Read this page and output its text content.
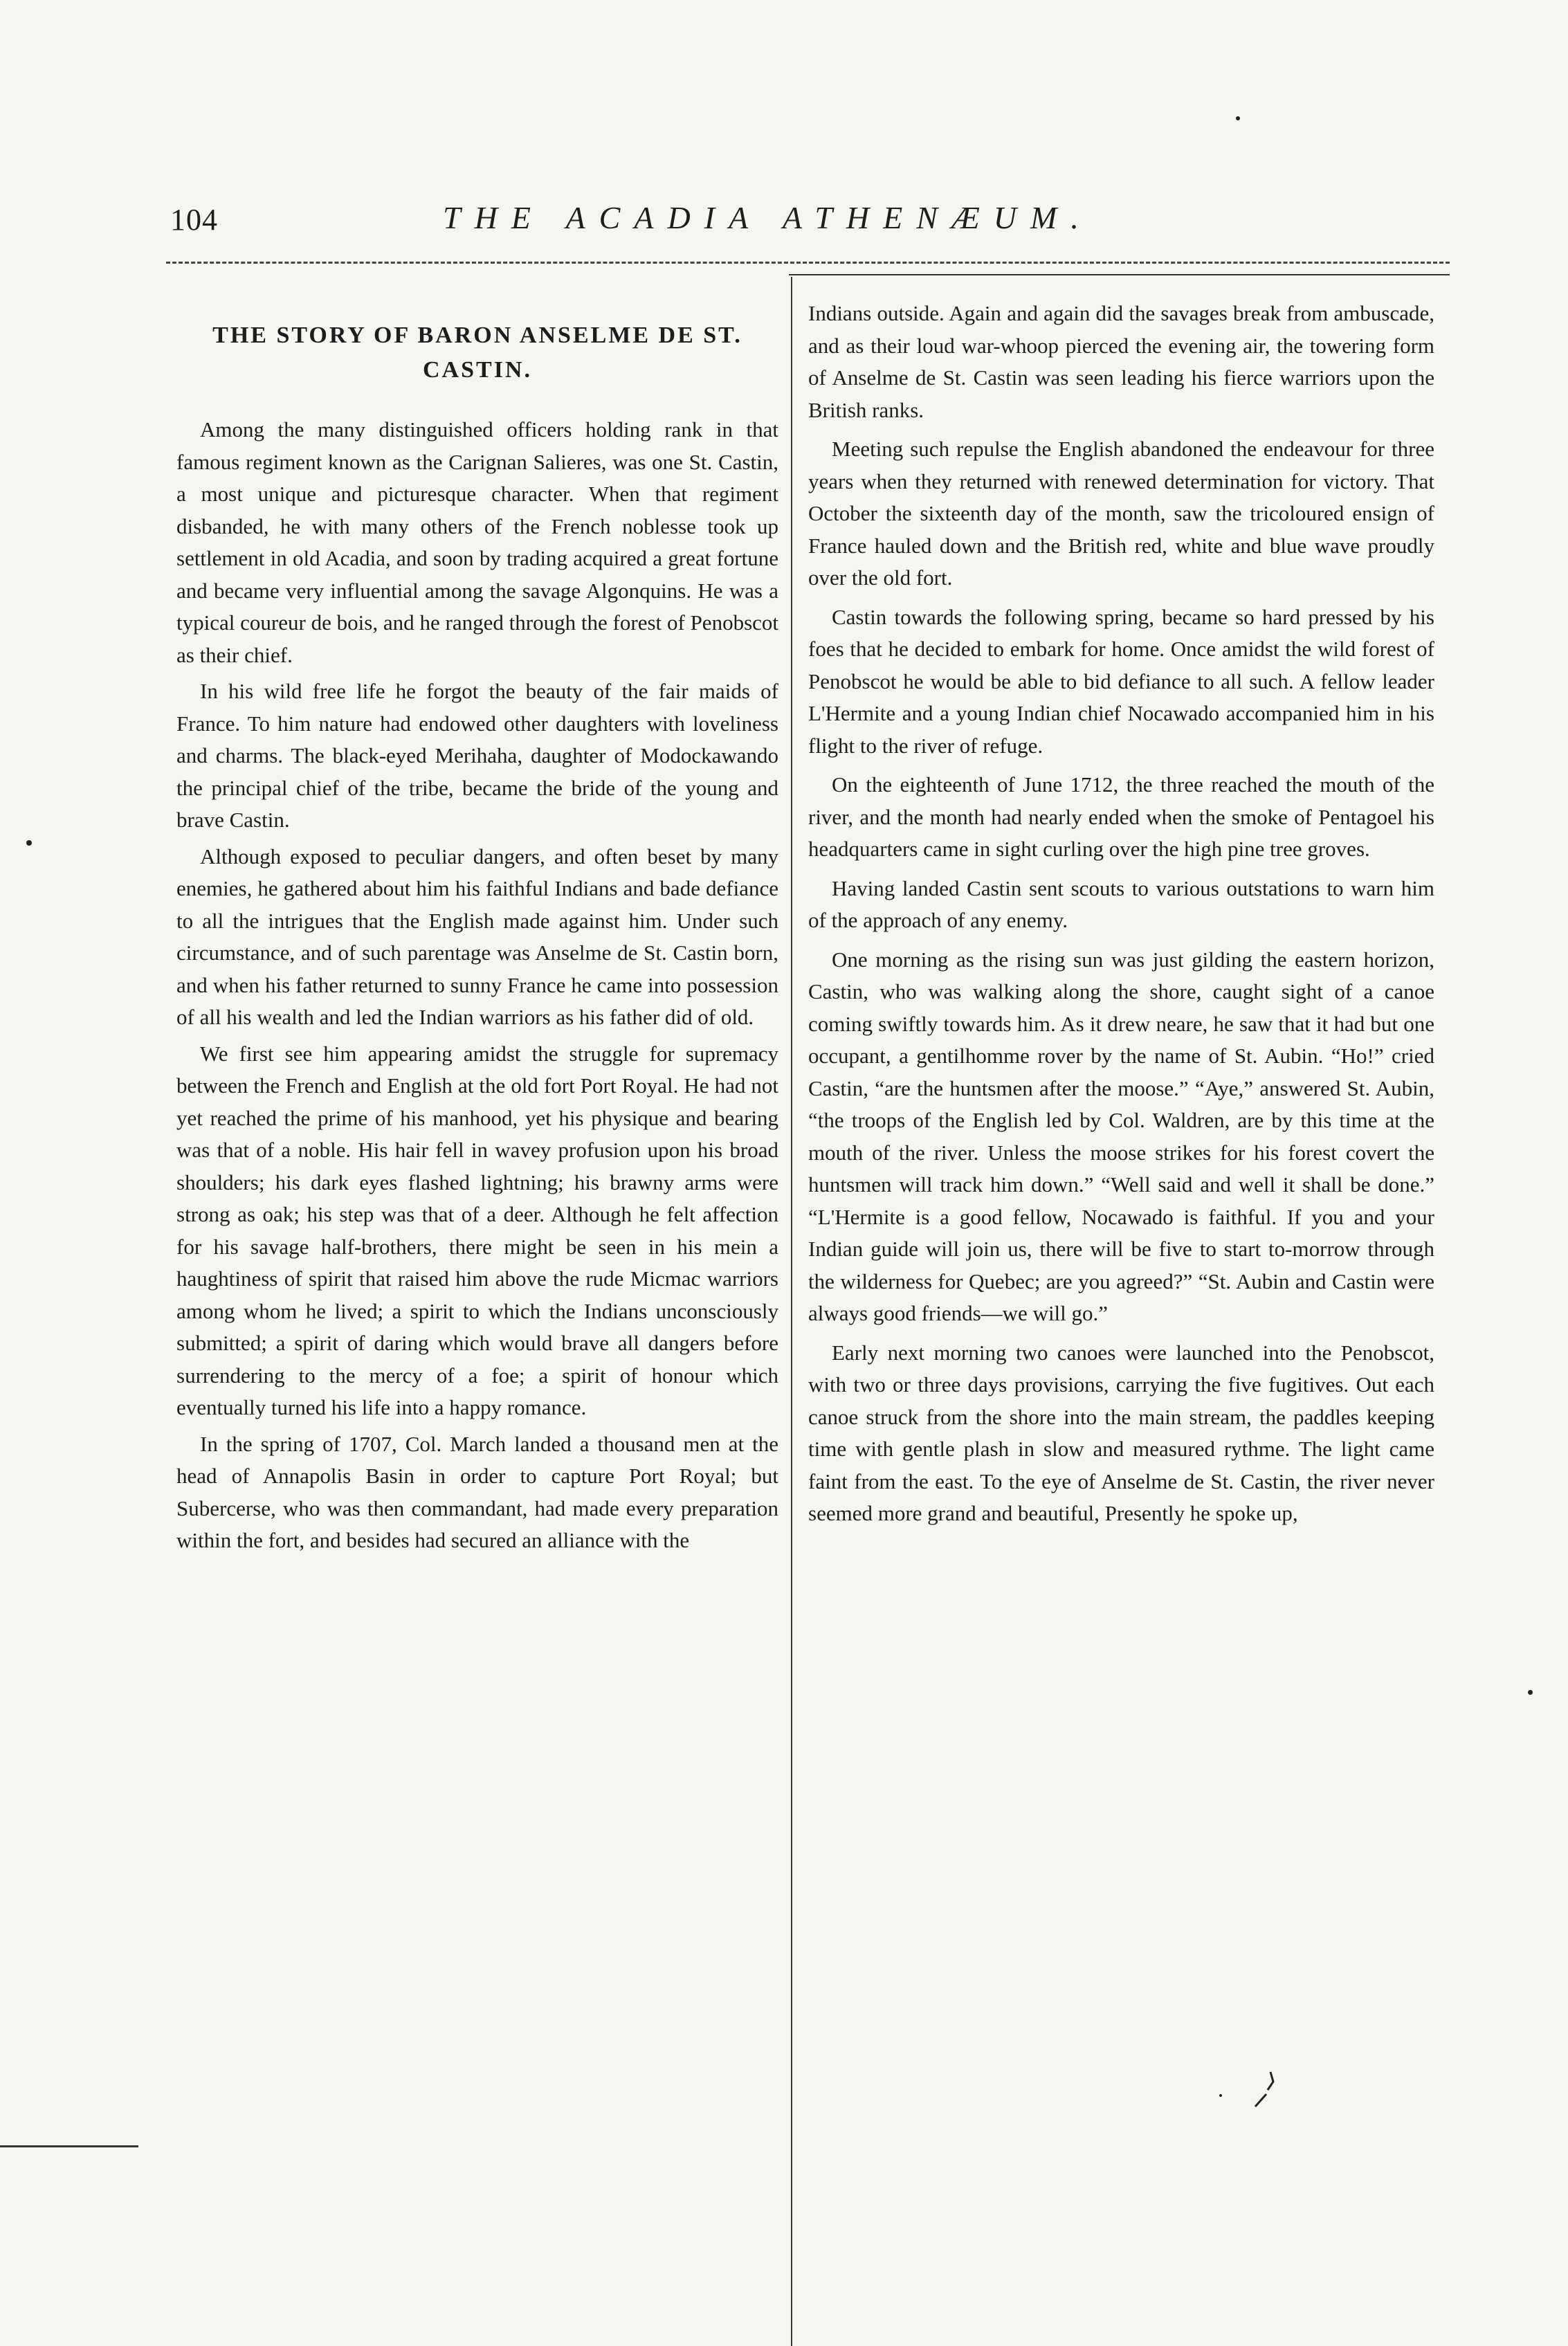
104	THE ACADIA ATHENÆUM.
THE STORY OF BARON ANSELME DE ST. CASTIN.

Among the many distinguished officers holding rank in that famous regiment known as the Carignan Salieres, was one St. Castin, a most unique and picturesque character. When that regiment disbanded, he with many others of the French noblesse took up settlement in old Acadia, and soon by trading acquired a great fortune and became very influential among the savage Algonquins. He was a typical coureur de bois, and he ranged through the forest of Penobscot as their chief.

In his wild free life he forgot the beauty of the fair maids of France. To him nature had endowed other daughters with loveliness and charms. The black-eyed Merihaha, daughter of Modockawando the principal chief of the tribe, became the bride of the young and brave Castin.

Although exposed to peculiar dangers, and often beset by many enemies, he gathered about him his faithful Indians and bade defiance to all the intrigues that the English made against him. Under such circumstance, and of such parentage was Anselme de St. Castin born, and when his father returned to sunny France he came into possession of all his wealth and led the Indian warriors as his father did of old.

We first see him appearing amidst the struggle for supremacy between the French and English at the old fort Port Royal. He had not yet reached the prime of his manhood, yet his physique and bearing was that of a noble. His hair fell in wavey profusion upon his broad shoulders; his dark eyes flashed lightning; his brawny arms were strong as oak; his step was that of a deer. Although he felt affection for his savage half-brothers, there might be seen in his mein a haughtiness of spirit that raised him above the rude Micmac warriors among whom he lived; a spirit to which the Indians unconsciously submitted; a spirit of daring which would brave all dangers before surrendering to the mercy of a foe; a spirit of honour which eventually turned his life into a happy romance.

In the spring of 1707, Col. March landed a thousand men at the head of Annapolis Basin in order to capture Port Royal; but Subercerse, who was then commandant, had made every preparation within the fort, and besides had secured an alliance with the

Indians outside. Again and again did the savages break from ambuscade, and as their loud war-whoop pierced the evening air, the towering form of Anselme de St. Castin was seen leading his fierce warriors upon the British ranks.

Meeting such repulse the English abandoned the endeavour for three years when they returned with renewed determination for victory. That October the sixteenth day of the month, saw the tricoloured ensign of France hauled down and the British red, white and blue wave proudly over the old fort.

Castin towards the following spring, became so hard pressed by his foes that he decided to embark for home. Once amidst the wild forest of Penobscot he would be able to bid defiance to all such. A fellow leader L'Hermite and a young Indian chief Nocawado accompanied him in his flight to the river of refuge.

On the eighteenth of June 1712, the three reached the mouth of the river, and the month had nearly ended when the smoke of Pentagoel his headquarters came in sight curling over the high pine tree groves.

Having landed Castin sent scouts to various outstations to warn him of the approach of any enemy.

One morning as the rising sun was just gilding the eastern horizon, Castin, who was walking along the shore, caught sight of a canoe coming swiftly towards him. As it drew neare, he saw that it had but one occupant, a gentilhomme rover by the name of St. Aubin. “Ho!” cried Castin, “are the huntsmen after the moose.” “Aye,” answered St. Aubin, “the troops of the English led by Col. Waldren, are by this time at the mouth of the river. Unless the moose strikes for his forest covert the huntsmen will track him down.” “Well said and well it shall be done.” “L'Hermite is a good fellow, Nocawado is faithful. If you and your Indian guide will join us, there will be five to start to-morrow through the wilderness for Quebec; are you agreed?” “St. Aubin and Castin were always good friends—we will go.”

Early next morning two canoes were launched into the Penobscot, with two or three days provisions, carrying the five fugitives. Out each canoe struck from the shore into the main stream, the paddles keeping time with gentle plash in slow and measured rythme. The light came faint from the east. To the eye of Anselme de St. Castin, the river never seemed more grand and beautiful, Presently he spoke up,
